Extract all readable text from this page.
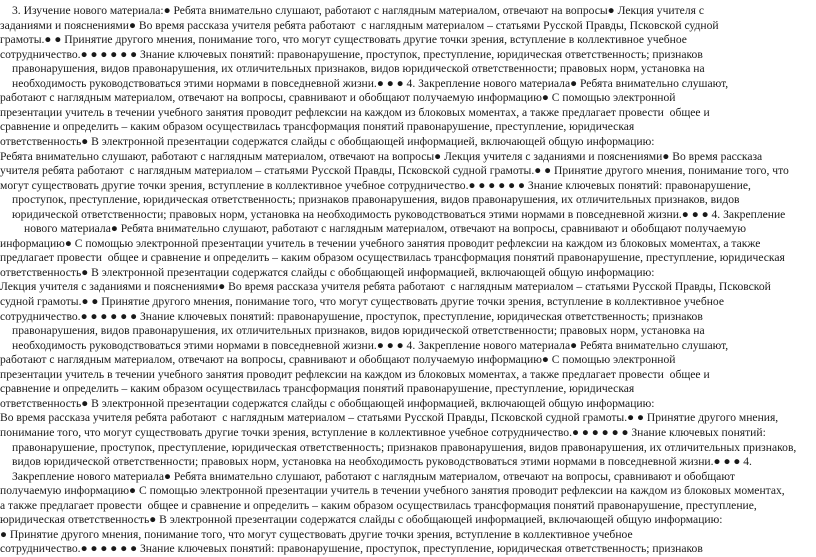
3. Изучение нового материала:● Ребята внимательно слушают, работают с наглядным материалом, отвечают на вопросы● Лекция учителя с

заданиями и пояснениями● Во время рассказа учителя ребята работают  с наглядным материалом – статьями Русской Правды, Псковской судной

грамоты.● ● Принятие другого мнения, понимание того, что могут существовать другие точки зрения, вступление в коллективное учебное

сотрудничество.● ● ● ● ● ● Знание ключевых понятий: правонарушение, проступок, преступление, юридическая ответственность; признаков

правонарушения, видов правонарушения, их отличительных признаков, видов юридической ответственности; правовых норм, установка на

необходимость руководствоваться этими нормами в повседневной жизни.● ● ● 4. Закрепление нового материала● Ребята внимательно слушают,

работают с наглядным материалом, отвечают на вопросы, сравнивают и обобщают получаемую информацию● С помощью электронной

презентации учитель в течении учебного занятия проводит рефлексии на каждом из блоковых моментах, а также предлагает провести  общее и

сравнение и определить – каким образом осуществилась трансформация понятий правонарушение, преступление, юридическая

ответственность● В электронной презентации содержатся слайды с обобщающей информацией, включающей общую информацию:

Ребята внимательно слушают, работают с наглядным материалом, отвечают на вопросы● Лекция учителя с заданиями и пояснениями● Во время рассказа

учителя ребята работают  с наглядным материалом – статьями Русской Правды, Псковской судной грамоты.● ● Принятие другого мнения, понимание того, что

могут существовать другие точки зрения, вступление в коллективное учебное сотрудничество.● ● ● ● ● ● Знание ключевых понятий: правонарушение,

проступок, преступление, юридическая ответственность; признаков правонарушения, видов правонарушения, их отличительных признаков, видов

юридической ответственности; правовых норм, установка на необходимость руководствоваться этими нормами в повседневной жизни.● ● ● 4. Закрепление

нового материала● Ребята внимательно слушают, работают с наглядным материалом, отвечают на вопросы, сравнивают и обобщают получаемую

информацию● С помощью электронной презентации учитель в течении учебного занятия проводит рефлексии на каждом из блоковых моментах, а также

предлагает провести  общее и сравнение и определить – каким образом осуществилась трансформация понятий правонарушение, преступление, юридическая

ответственность● В электронной презентации содержатся слайды с обобщающей информацией, включающей общую информацию:

Лекция учителя с заданиями и пояснениями● Во время рассказа учителя ребята работают  с наглядным материалом – статьями Русской Правды, Псковской

судной грамоты.● ● Принятие другого мнения, понимание того, что могут существовать другие точки зрения, вступление в коллективное учебное

сотрудничество.● ● ● ● ● ● Знание ключевых понятий: правонарушение, проступок, преступление, юридическая ответственность; признаков

правонарушения, видов правонарушения, их отличительных признаков, видов юридической ответственности; правовых норм, установка на

необходимость руководствоваться этими нормами в повседневной жизни.● ● ● 4. Закрепление нового материала● Ребята внимательно слушают,

работают с наглядным материалом, отвечают на вопросы, сравнивают и обобщают получаемую информацию● С помощью электронной

презентации учитель в течении учебного занятия проводит рефлексии на каждом из блоковых моментах, а также предлагает провести  общее и

сравнение и определить – каким образом осуществилась трансформация понятий правонарушение, преступление, юридическая

ответственность● В электронной презентации содержатся слайды с обобщающей информацией, включающей общую информацию:

Во время рассказа учителя ребята работают  с наглядным материалом – статьями Русской Правды, Псковской судной грамоты.● ● Принятие другого мнения,

понимание того, что могут существовать другие точки зрения, вступление в коллективное учебное сотрудничество.● ● ● ● ● ● Знание ключевых понятий:

правонарушение, проступок, преступление, юридическая ответственность; признаков правонарушения, видов правонарушения, их отличительных признаков,

видов юридической ответственности; правовых норм, установка на необходимость руководствоваться этими нормами в повседневной жизни.● ● ● 4.

Закрепление нового материала● Ребята внимательно слушают, работают с наглядным материалом, отвечают на вопросы, сравнивают и обобщают

получаемую информацию● С помощью электронной презентации учитель в течении учебного занятия проводит рефлексии на каждом из блоковых моментах,

а также предлагает провести  общее и сравнение и определить – каким образом осуществилась трансформация понятий правонарушение, преступление,

юридическая ответственность● В электронной презентации содержатся слайды с обобщающей информацией, включающей общую информацию:

● Принятие другого мнения, понимание того, что могут существовать другие точки зрения, вступление в коллективное учебное

сотрудничество.● ● ● ● ● ● Знание ключевых понятий: правонарушение, проступок, преступление, юридическая ответственность; признаков
